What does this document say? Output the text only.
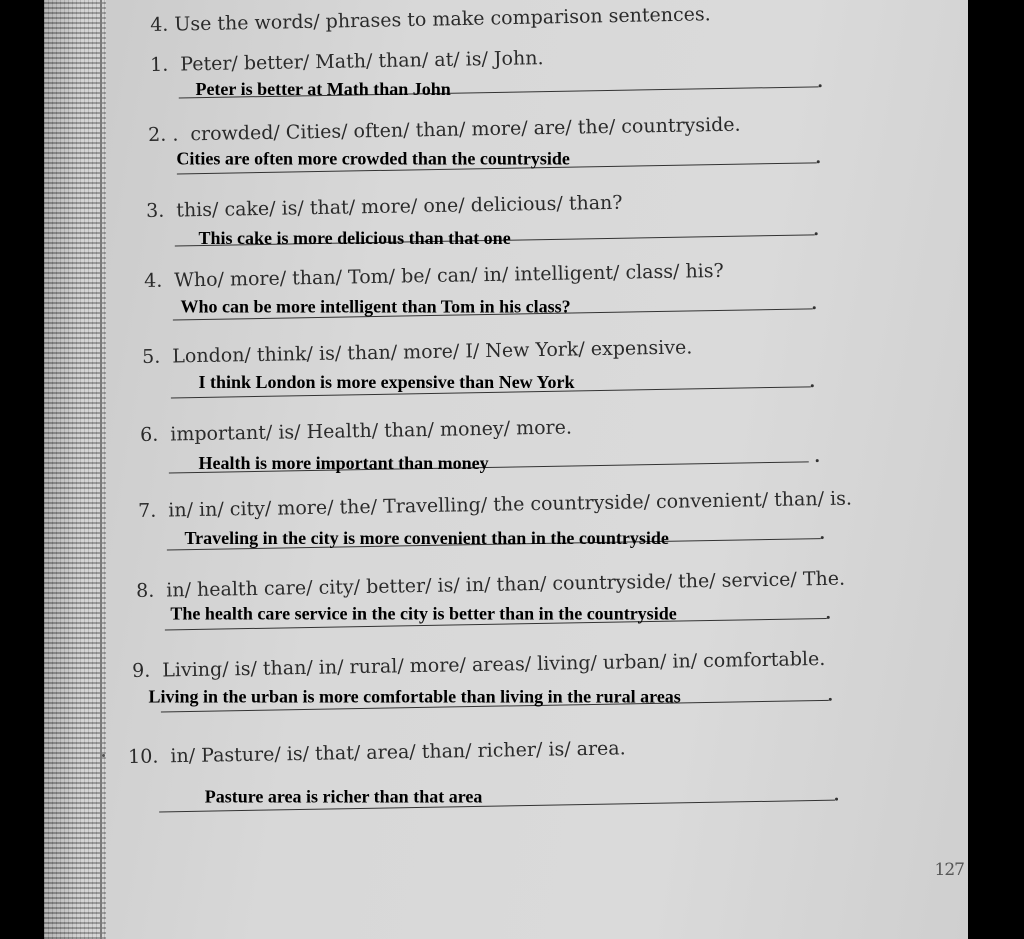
4. Use the words/ phrases to make comparison sentences.
1. Peter/ better/ Math/ than/ at/ is/ John.
Peter is better at Math than John
2. . crowded/ Cities/ often/ than/ more/ are/ the/ countryside.
Cities are often more crowded than the countryside
3. this/ cake/ is/ that/ more/ one/ delicious/ than?
This cake is more delicious than that one
4. Who/ more/ than/ Tom/ be/ can/ in/ intelligent/ class/ his?
Who can be more intelligent than Tom in his class?
5. London/ think/ is/ than/ more/ I/ New York/ expensive.
I think London is more expensive than New York
6. important/ is/ Health/ than/ money/ more.
Health is more important than money
7. in/ in/ city/ more/ the/ Travelling/ the countryside/ convenient/ than/ is.
Traveling in the city is more convenient than in the countryside
8. in/ health care/ city/ better/ is/ in/ than/ countryside/ the/ service/ The.
The health care service in the city is better than in the countryside
9. Living/ is/ than/ in/ rural/ more/ areas/ living/ urban/ in/ comfortable.
Living in the urban is more comfortable than living in the rural areas
10. in/ Pasture/ is/ that/ area/ than/ richer/ is/ area.
Pasture area is richer than that area
127
